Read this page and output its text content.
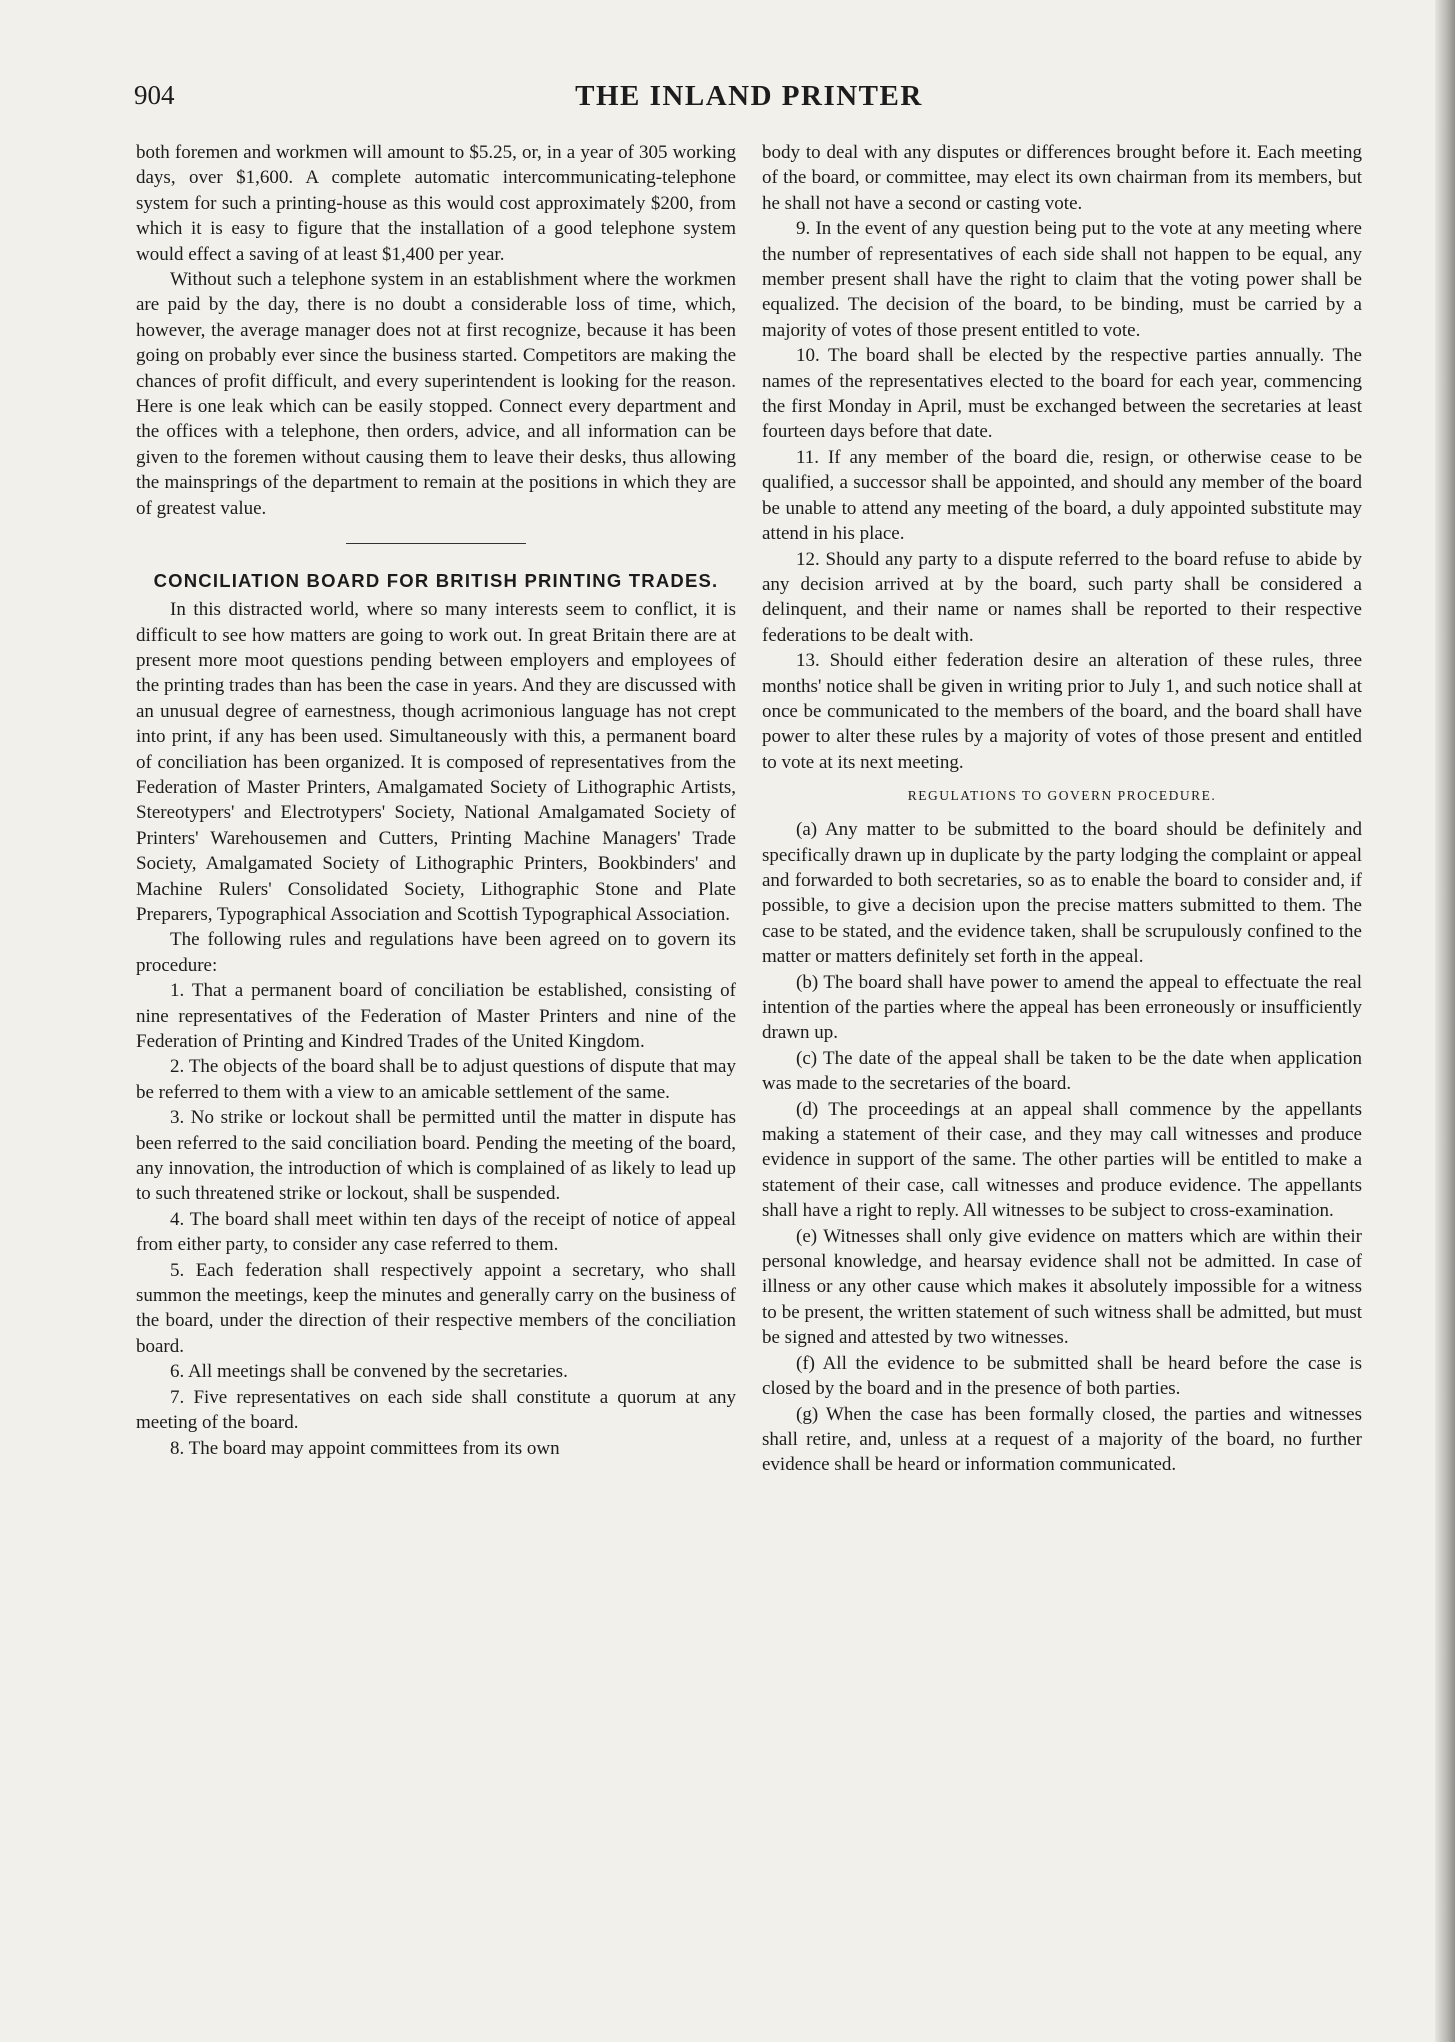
904	THE INLAND PRINTER

both foremen and workmen will amount to $5.25, or, in a year of 305 working days, over $1,600. A complete automatic intercommunicating-telephone system for such a printing-house as this would cost approximately $200, from which it is easy to figure that the installation of a good telephone system would effect a saving of at least $1,400 per year.

Without such a telephone system in an establishment where the workmen are paid by the day, there is no doubt a considerable loss of time, which, however, the average manager does not at first recognize, because it has been going on probably ever since the business started. Competitors are making the chances of profit difficult, and every superintendent is looking for the reason. Here is one leak which can be easily stopped. Connect every department and the offices with a telephone, then orders, advice, and all information can be given to the foremen without causing them to leave their desks, thus allowing the mainsprings of the department to remain at the positions in which they are of greatest value.

CONCILIATION BOARD FOR BRITISH PRINTING TRADES.

In this distracted world, where so many interests seem to conflict, it is difficult to see how matters are going to work out. In great Britain there are at present more moot questions pending between employers and employees of the printing trades than has been the case in years. And they are discussed with an unusual degree of earnestness, though acrimonious language has not crept into print, if any has been used. Simultaneously with this, a permanent board of conciliation has been organized. It is composed of representatives from the Federation of Master Printers, Amalgamated Society of Lithographic Artists, Stereotypers' and Electrotypers' Society, National Amalgamated Society of Printers' Warehousemen and Cutters, Printing Machine Managers' Trade Society, Amalgamated Society of Lithographic Printers, Bookbinders' and Machine Rulers' Consolidated Society, Lithographic Stone and Plate Preparers, Typographical Association and Scottish Typographical Association.

The following rules and regulations have been agreed on to govern its procedure:

1. That a permanent board of conciliation be established, consisting of nine representatives of the Federation of Master Printers and nine of the Federation of Printing and Kindred Trades of the United Kingdom.

2. The objects of the board shall be to adjust questions of dispute that may be referred to them with a view to an amicable settlement of the same.

3. No strike or lockout shall be permitted until the matter in dispute has been referred to the said conciliation board. Pending the meeting of the board, any innovation, the introduction of which is complained of as likely to lead up to such threatened strike or lockout, shall be suspended.

4. The board shall meet within ten days of the receipt of notice of appeal from either party, to consider any case referred to them.

5. Each federation shall respectively appoint a secretary, who shall summon the meetings, keep the minutes and generally carry on the business of the board, under the direction of their respective members of the conciliation board.

6. All meetings shall be convened by the secretaries.

7. Five representatives on each side shall constitute a quorum at any meeting of the board.

8. The board may appoint committees from its own

body to deal with any disputes or differences brought before it. Each meeting of the board, or committee, may elect its own chairman from its members, but he shall not have a second or casting vote.

9. In the event of any question being put to the vote at any meeting where the number of representatives of each side shall not happen to be equal, any member present shall have the right to claim that the voting power shall be equalized. The decision of the board, to be binding, must be carried by a majority of votes of those present entitled to vote.

10. The board shall be elected by the respective parties annually. The names of the representatives elected to the board for each year, commencing the first Monday in April, must be exchanged between the secretaries at least fourteen days before that date.

11. If any member of the board die, resign, or otherwise cease to be qualified, a successor shall be appointed, and should any member of the board be unable to attend any meeting of the board, a duly appointed substitute may attend in his place.

12. Should any party to a dispute referred to the board refuse to abide by any decision arrived at by the board, such party shall be considered a delinquent, and their name or names shall be reported to their respective federations to be dealt with.

13. Should either federation desire an alteration of these rules, three months' notice shall be given in writing prior to July 1, and such notice shall at once be communicated to the members of the board, and the board shall have power to alter these rules by a majority of votes of those present and entitled to vote at its next meeting.

REGULATIONS TO GOVERN PROCEDURE.

(a) Any matter to be submitted to the board should be definitely and specifically drawn up in duplicate by the party lodging the complaint or appeal and forwarded to both secretaries, so as to enable the board to consider and, if possible, to give a decision upon the precise matters submitted to them. The case to be stated, and the evidence taken, shall be scrupulously confined to the matter or matters definitely set forth in the appeal.

(b) The board shall have power to amend the appeal to effectuate the real intention of the parties where the appeal has been erroneously or insufficiently drawn up.

(c) The date of the appeal shall be taken to be the date when application was made to the secretaries of the board.

(d) The proceedings at an appeal shall commence by the appellants making a statement of their case, and they may call witnesses and produce evidence in support of the same. The other parties will be entitled to make a statement of their case, call witnesses and produce evidence. The appellants shall have a right to reply. All witnesses to be subject to cross-examination.

(e) Witnesses shall only give evidence on matters which are within their personal knowledge, and hearsay evidence shall not be admitted. In case of illness or any other cause which makes it absolutely impossible for a witness to be present, the written statement of such witness shall be admitted, but must be signed and attested by two witnesses.

(f) All the evidence to be submitted shall be heard before the case is closed by the board and in the presence of both parties.

(g) When the case has been formally closed, the parties and witnesses shall retire, and, unless at a request of a majority of the board, no further evidence shall be heard or information communicated.
